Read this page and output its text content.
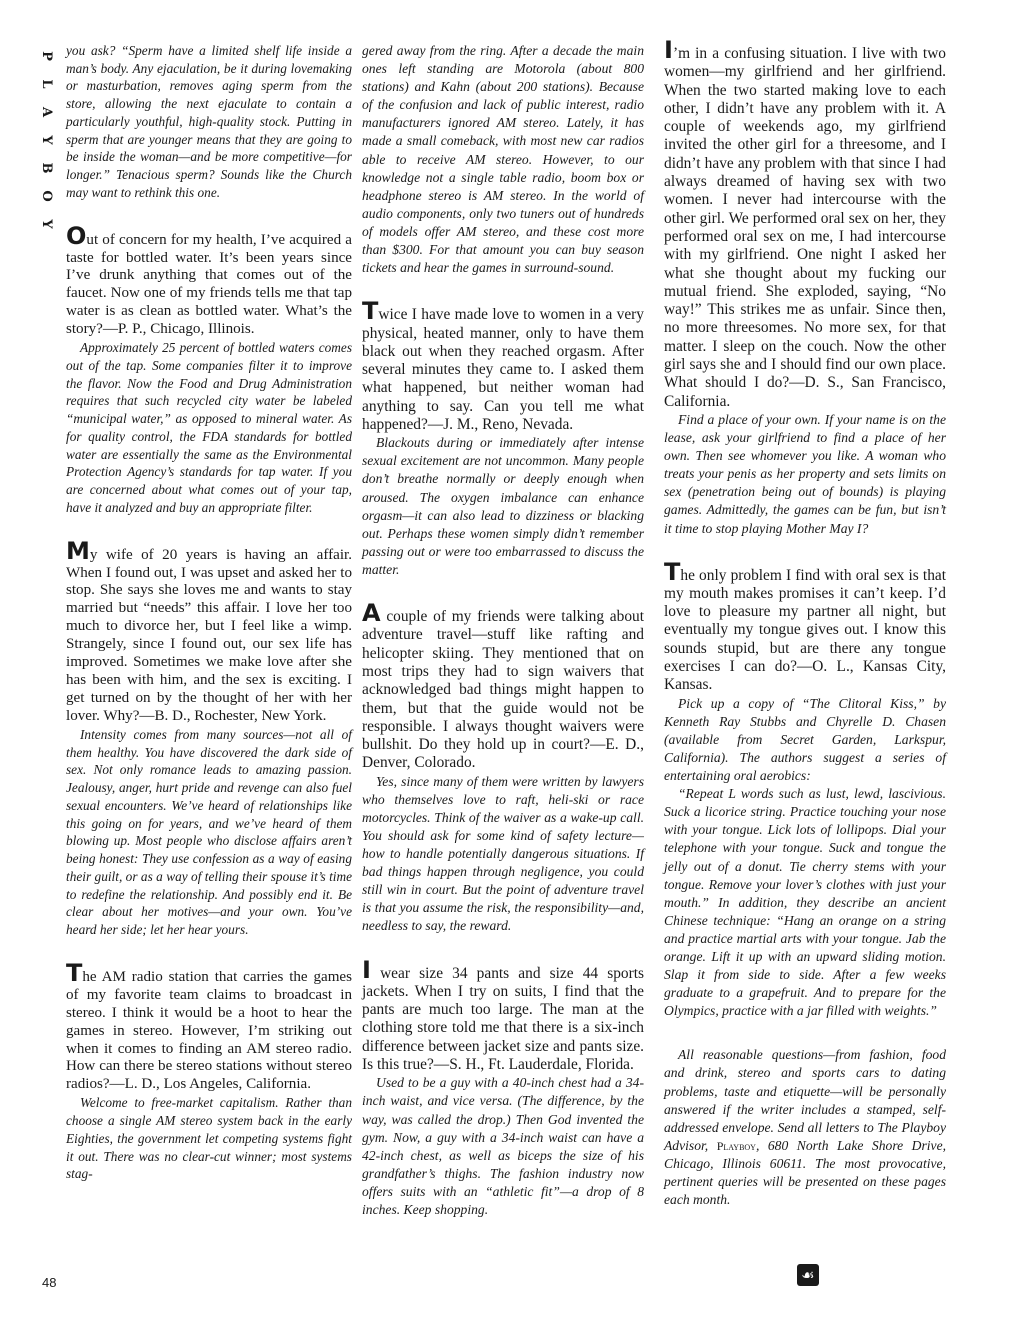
P
L
A
Y
B
O
Y

you ask? “Sperm have a limited shelf life inside a man’s body. Any ejaculation, be it during lovemaking or masturbation, removes aging sperm from the store, allowing the next ejaculate to contain a particularly youthful, high-quality stock. Putting in sperm that are younger means that they are going to be inside the woman—and be more competitive—for longer.” Tenacious sperm? Sounds like the Church may want to rethink this one.

Out of concern for my health, I’ve acquired a taste for bottled water. It’s been years since I’ve drunk anything that comes out of the faucet. Now one of my friends tells me that tap water is as clean as bottled water. What’s the story?—P. P., Chicago, Illinois.

Approximately 25 percent of bottled waters comes out of the tap. Some companies filter it to improve the flavor. Now the Food and Drug Administration requires that such recycled city water be labeled “municipal water,” as opposed to mineral water. As for quality control, the FDA standards for bottled water are essentially the same as the Environmental Protection Agency’s standards for tap water. If you are concerned about what comes out of your tap, have it analyzed and buy an appropriate filter.

My wife of 20 years is having an affair. When I found out, I was upset and asked her to stop. She says she loves me and wants to stay married but “needs” this affair. I love her too much to divorce her, but I feel like a wimp. Strangely, since I found out, our sex life has improved. Sometimes we make love after she has been with him, and the sex is exciting. I get turned on by the thought of her with her lover. Why?—B. D., Rochester, New York.

Intensity comes from many sources—not all of them healthy. You have discovered the dark side of sex. Not only romance leads to amazing passion. Jealousy, anger, hurt pride and revenge can also fuel sexual encounters. We’ve heard of relationships like this going on for years, and we’ve heard of them blowing up. Most people who disclose affairs aren’t being honest: They use confession as a way of easing their guilt, or as a way of telling their spouse it’s time to redefine the relationship. And possibly end it. Be clear about her motives—and your own. You’ve heard her side; let her hear yours.

The AM radio station that carries the games of my favorite team claims to broadcast in stereo. I think it would be a hoot to hear the games in stereo. However, I’m striking out when it comes to finding an AM stereo radio. How can there be stereo stations without stereo radios?—L. D., Los Angeles, California.

Welcome to free-market capitalism. Rather than choose a single AM stereo system back in the early Eighties, the government let competing systems fight it out. There was no clear-cut winner; most systems stag-

gered away from the ring. After a decade the main ones left standing are Motorola (about 800 stations) and Kahn (about 200 stations). Because of the confusion and lack of public interest, radio manufacturers ignored AM stereo. Lately, it has made a small comeback, with most new car radios able to receive AM stereo. However, to our knowledge not a single table radio, boom box or headphone stereo is AM stereo. In the world of audio components, only two tuners out of hundreds of models offer AM stereo, and these cost more than $300. For that amount you can buy season tickets and hear the games in surround-sound.

Twice I have made love to women in a very physical, heated manner, only to have them black out when they reached orgasm. After several minutes they came to. I asked them what happened, but neither woman had anything to say. Can you tell me what happened?—J. M., Reno, Nevada.

Blackouts during or immediately after intense sexual excitement are not uncommon. Many people don’t breathe normally or deeply enough when aroused. The oxygen imbalance can enhance orgasm—it can also lead to dizziness or blacking out. Perhaps these women simply didn’t remember passing out or were too embarrassed to discuss the matter.

A couple of my friends were talking about adventure travel—stuff like rafting and helicopter skiing. They mentioned that on most trips they had to sign waivers that acknowledged bad things might happen to them, but that the guide would not be responsible. I always thought waivers were bullshit. Do they hold up in court?—E. D., Denver, Colorado.

Yes, since many of them were written by lawyers who themselves love to raft, heli-ski or race motorcycles. Think of the waiver as a wake-up call. You should ask for some kind of safety lecture—how to handle potentially dangerous situations. If bad things happen through negligence, you could still win in court. But the point of adventure travel is that you assume the risk, the responsibility—and, needless to say, the reward.

I wear size 34 pants and size 44 sports jackets. When I try on suits, I find that the pants are much too large. The man at the clothing store told me that there is a six-inch difference between jacket size and pants size. Is this true?—S. H., Ft. Lauderdale, Florida.

Used to be a guy with a 40-inch chest had a 34-inch waist, and vice versa. (The difference, by the way, was called the drop.) Then God invented the gym. Now, a guy with a 34-inch waist can have a 42-inch chest, as well as biceps the size of his grandfather’s thighs. The fashion industry now offers suits with an “athletic fit”—a drop of 8 inches. Keep shopping.

I’m in a confusing situation. I live with two women—my girlfriend and her girlfriend. When the two started making love to each other, I didn’t have any problem with it. A couple of weekends ago, my girlfriend invited the other girl for a threesome, and I didn’t have any problem with that since I had always dreamed of having sex with two women. I never had intercourse with the other girl. We performed oral sex on her, they performed oral sex on me, I had intercourse with my girlfriend. One night I asked her what she thought about my fucking our mutual friend. She exploded, saying, “No way!” This strikes me as unfair. Since then, no more threesomes. No more sex, for that matter. I sleep on the couch. Now the other girl says she and I should find our own place. What should I do?—D. S., San Francisco, California.

Find a place of your own. If your name is on the lease, ask your girlfriend to find a place of her own. Then see whomever you like. A woman who treats your penis as her property and sets limits on sex (penetration being out of bounds) is playing games. Admittedly, the games can be fun, but isn’t it time to stop playing Mother May I?

The only problem I find with oral sex is that my mouth makes promises it can’t keep. I’d love to pleasure my partner all night, but eventually my tongue gives out. I know this sounds stupid, but are there any tongue exercises I can do?—O. L., Kansas City, Kansas.

Pick up a copy of “The Clitoral Kiss,” by Kenneth Ray Stubbs and Chyrelle D. Chasen (available from Secret Garden, Larkspur, California). The authors suggest a series of entertaining oral aerobics:

“Repeat L words such as lust, lewd, lascivious. Suck a licorice string. Practice touching your nose with your tongue. Lick lots of lollipops. Dial your telephone with your tongue. Suck and tongue the jelly out of a donut. Tie cherry stems with your tongue. Remove your lover’s clothes with just your mouth.” In addition, they describe an ancient Chinese technique: “Hang an orange on a string and practice martial arts with your tongue. Jab the orange. Lift it up with an upward sliding motion. Slap it from side to side. After a few weeks graduate to a grapefruit. And to prepare for the Olympics, practice with a jar filled with weights.”

All reasonable questions—from fashion, food and drink, stereo and sports cars to dating problems, taste and etiquette—will be personally answered if the writer includes a stamped, self-addressed envelope. Send all letters to The Playboy Advisor, Playboy, 680 North Lake Shore Drive, Chicago, Illinois 60611. The most provocative, pertinent queries will be presented on these pages each month.

48	☙
